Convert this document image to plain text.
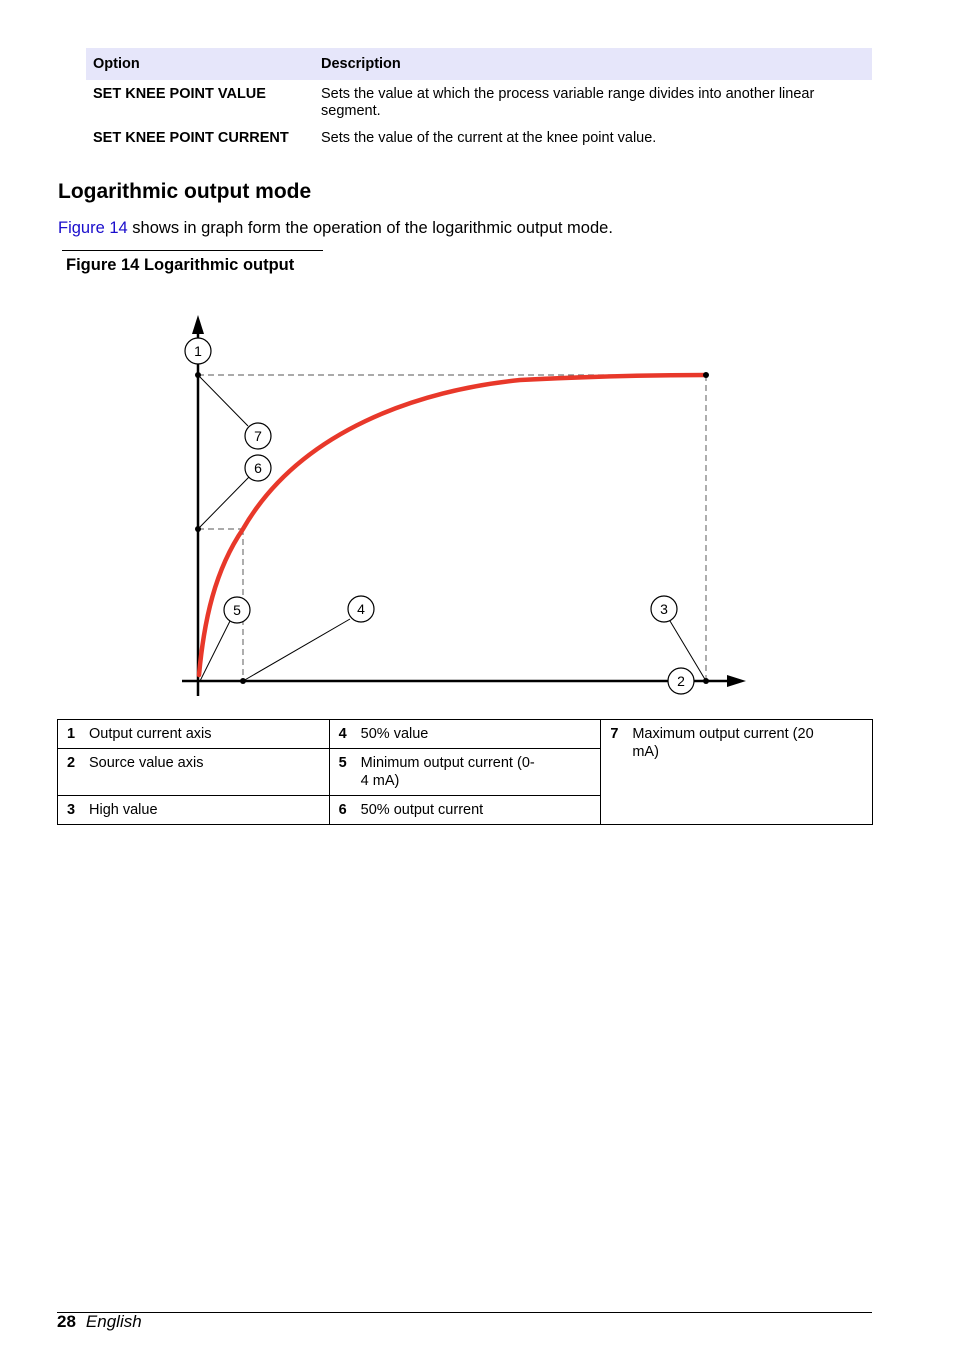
Option	Description
SET KNEE POINT VALUE	Sets the value at which the process variable range divides into another linear segment.
SET KNEE POINT CURRENT	Sets the value of the current at the knee point value.
Logarithmic output mode

Figure 14 shows in graph form the operation of the logarithmic output mode.

Figure 14 Logarithmic output

1
7
6
5	4	3
2
1 Output current axis	4 50% value	7 Maximum output current (20 mA)
2 Source value axis	5 Minimum output current (0-4 mA)	
3 High value	6 50% output current	
28 English
